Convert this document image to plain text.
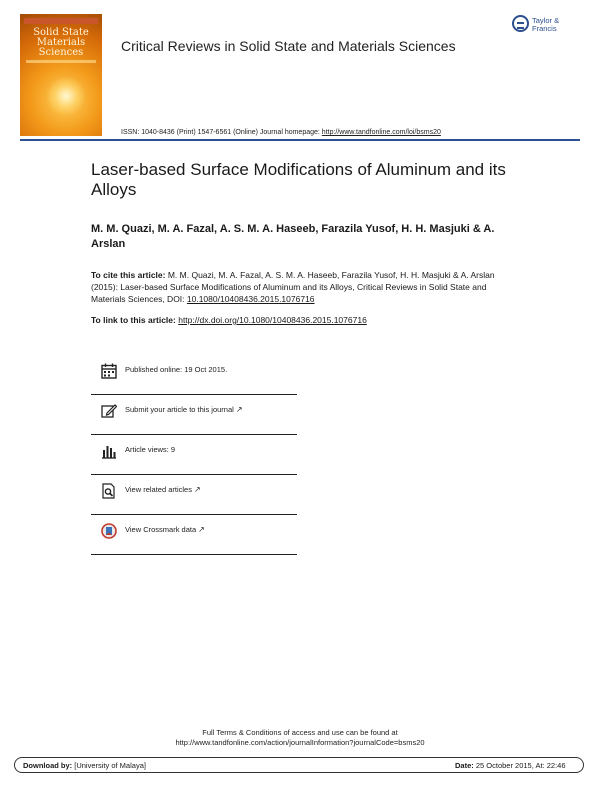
Solid State
Materials Sciences	Critical Reviews in Solid State and Materials Sciences
Taylor & Francis
ISSN: 1040-8436 (Print) 1547-6561 (Online) Journal homepage: http://www.tandfonline.com/loi/bsms20
Laser-based Surface Modifications of Aluminum and its Alloys
M. M. Quazi, M. A. Fazal, A. S. M. A. Haseeb, Farazila Yusof, H. H. Masjuki & A. Arslan
To cite this article: M. M. Quazi, M. A. Fazal, A. S. M. A. Haseeb, Farazila Yusof, H. H. Masjuki & A. Arslan (2015): Laser-based Surface Modifications of Aluminum and its Alloys, Critical Reviews in Solid State and Materials Sciences, DOI: 10.1080/10408436.2015.1076716
To link to this article: http://dx.doi.org/10.1080/10408436.2015.1076716
Published online: 19 Oct 2015.
Submit your article to this journal ↗
Article views: 9
View related articles ↗
View Crossmark data ↗
Full Terms & Conditions of access and use can be found at
http://www.tandfonline.com/action/journalInformation?journalCode=bsms20
Download by: [University of Malaya]	Date: 25 October 2015, At: 22:46
